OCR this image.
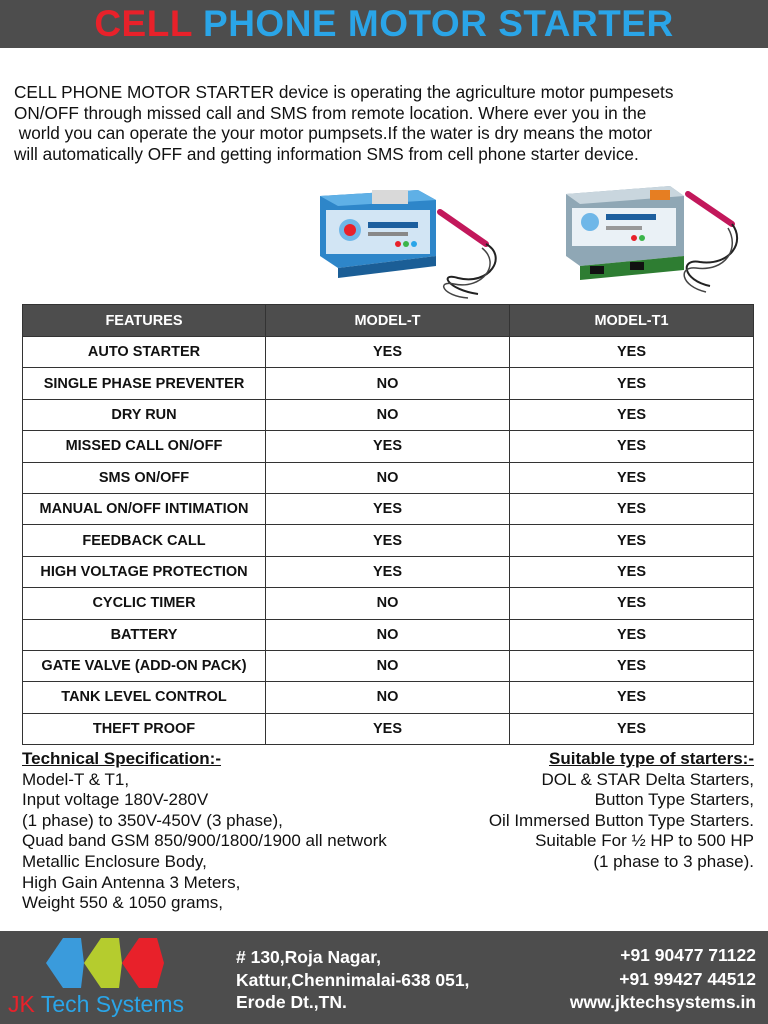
CELL PHONE MOTOR STARTER
CELL PHONE MOTOR STARTER device is operating the agriculture motor pumpesets
ON/OFF through missed call and SMS from remote location. Where ever you in the
world you can operate the your motor pumpsets.If the water is dry means the motor
will automatically OFF and getting information SMS from cell phone starter device.
FEATURES	MODEL-T	MODEL-T1
AUTO STARTER	YES	YES
SINGLE PHASE PREVENTER	NO	YES
DRY RUN	NO	YES
MISSED CALL ON/OFF	YES	YES
SMS ON/OFF	NO	YES
MANUAL ON/OFF INTIMATION	YES	YES
FEEDBACK CALL	YES	YES
HIGH VOLTAGE PROTECTION	YES	YES
CYCLIC TIMER	NO	YES
BATTERY	NO	YES
GATE VALVE (ADD-ON PACK)	NO	YES
TANK LEVEL CONTROL	NO	YES
THEFT PROOF	YES	YES
Technical Specification:-
Model-T & T1,
Input voltage 180V-280V
(1 phase) to 350V-450V (3 phase),
Quad band GSM 850/900/1800/1900 all network
Metallic Enclosure Body,
High Gain Antenna 3 Meters,
Weight 550 & 1050 grams,
Suitable type of starters:-
DOL & STAR Delta Starters,
Button Type Starters,
Oil Immersed Button Type Starters.
Suitable For ½ HP to 500 HP
(1 phase to 3 phase).
JK Tech Systems
# 130,Roja Nagar,
Kattur,Chennimalai-638 051,
Erode Dt.,TN.
+91 90477 71122
+91 99427 44512
www.jktechsystems.in
